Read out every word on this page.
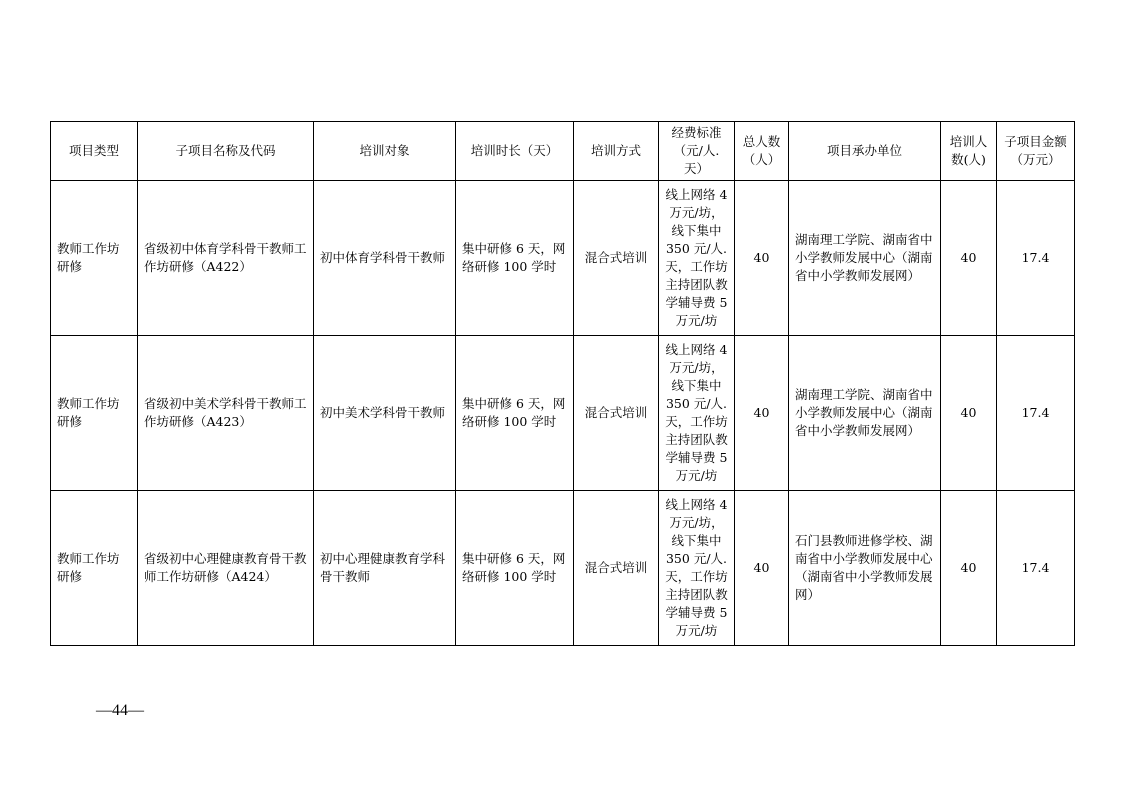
项目类型	子项目名称及代码	培训对象	培训时长（天）	培训方式	经费标准（元/人.天）	总人数（人）	项目承办单位	培训人数(人)	子项目金额（万元）
教师工作坊研修	省级初中体育学科骨干教师工作坊研修（A422）	初中体育学科骨干教师	集中研修 6 天，网络研修 100 学时	混合式培训	线上网络 4 万元/坊，线下集中 350 元/人. 天，工作坊主持团队教学辅导费 5 万元/坊	40	湖南理工学院、湖南省中小学教师发展中心（湖南省中小学教师发展网）	40	17.4
教师工作坊研修	省级初中美术学科骨干教师工作坊研修（A423）	初中美术学科骨干教师	集中研修 6 天，网络研修 100 学时	混合式培训	线上网络 4 万元/坊，线下集中 350 元/人. 天，工作坊主持团队教学辅导费 5 万元/坊	40	湖南理工学院、湖南省中小学教师发展中心（湖南省中小学教师发展网）	40	17.4
教师工作坊研修	省级初中心理健康教育骨干教师工作坊研修（A424）	初中心理健康教育学科骨干教师	集中研修 6 天，网络研修 100 学时	混合式培训	线上网络 4 万元/坊，线下集中 350 元/人. 天，工作坊主持团队教学辅导费 5 万元/坊	40	石门县教师进修学校、湖南省中小学教师发展中心（湖南省中小学教师发展网）	40	17.4
—44—
